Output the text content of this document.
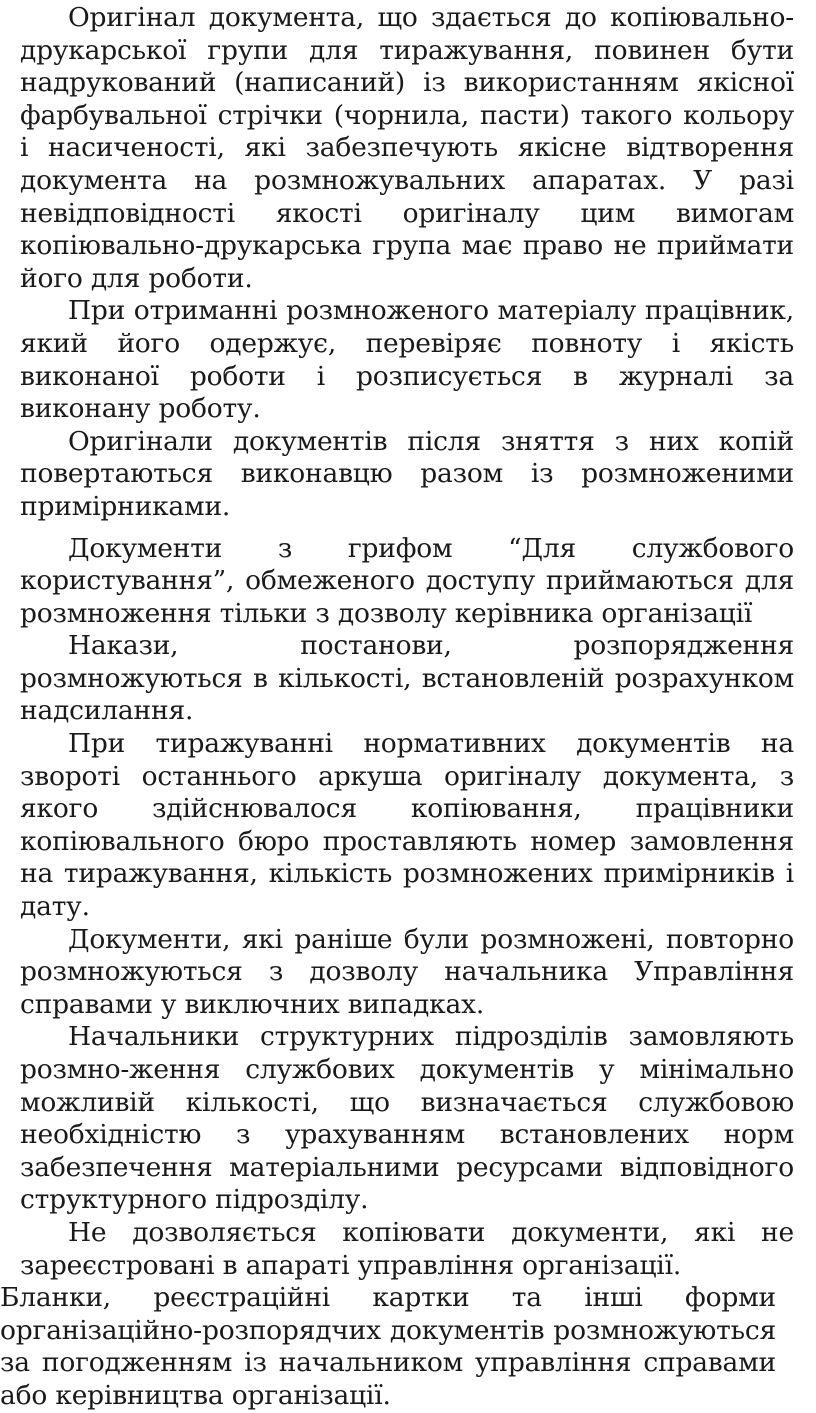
Оригінал документа, що здається до копіювально-друкарської групи для тиражування, повинен бути надрукований (написаний) із використанням якісної фарбувальної стрічки (чорнила, пасти) такого кольору і насичeності, які забезпечують якісне відтворення документа на розмножувальних апаратах. У разі невідповідності якості оригіналу цим вимогам копіювально-друкарська група має право не приймати його для роботи.

При отриманні розмноженого матеріалу працівник, який його одержує, перевіряє повноту і якість виконаної роботи і розписується в журналі за виконану роботу.

Оригінали документів після зняття з них копій повертаються виконавцю разом із розмноженими примірниками.

Документи з грифом “Для службового користування”, обмеженого доступу приймаються для розмноження тільки з дозволу керівника організації

Накази, постанови, розпорядження розмножуються в кількості, встановленій розрахунком надсилання.

При тиражуванні нормативних документів на звороті останнього аркуша оригіналу документа, з якого здійснювалося копіювання, працівники копіювального бюро проставляють номер замовлення на тиражування, кількість розмножених примірників і дату.

Документи, які раніше були розмножені, повторно розмножуються з дозволу начальника Управління справами у виключних випадках.

Начальники структурних підрозділів замовляють розмно-ження службових документів у мінімально можливій кількості, що визначається службовою необхідністю з урахуванням встановлених норм забезпечення матеріальними ресурсами відповідного структурного підрозділу.

Не дозволяється копіювати документи, які не зареєстровані в апараті управління організації.

Бланки, реєстраційні картки та інші форми організаційно-розпорядчих документів розмножуються за погодженням із начальником управління справами або керівництва організації.
